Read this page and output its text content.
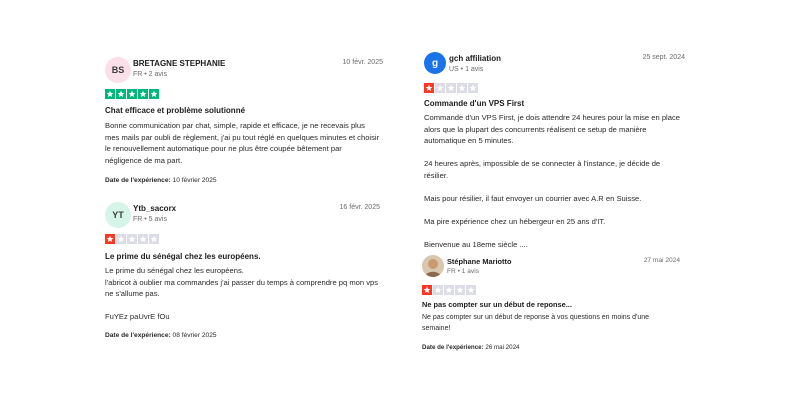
BS
BRETAGNE STEPHANIE
FR • 2 avis
10 févr. 2025
Chat efficace et problème solutionné

Bonne communication par chat, simple, rapide et efficace, je ne recevais plus mes mails par oubli de règlement, j'ai pu tout réglé en quelques minutes et choisir le renouvellement automatique pour ne plus être coupée bêtement par négligence de ma part.

Date de l'expérience: 10 février 2025
YT
Ytb_sacorx
FR • 5 avis
16 févr. 2025
Le prime du sénégal chez les européens.

Le prime du sénégal chez les européens.
l'abricot à oublier ma commandes j'ai passer du temps à comprendre pq mon vps ne s'allume pas.

FuYEz paUvrE fOu

Date de l'expérience: 08 février 2025
g	gch affiliation
US • 1 avis
25 sept. 2024
Commande d'un VPS First

Commande d'un VPS First, je dois attendre 24 heures pour la mise en place alors que la plupart des concurrents réalisent ce setup de manière automatique en 5 minutes.

24 heures après, impossible de se connecter à l'instance, je décide de résilier.

Mais pour résilier, il faut envoyer un courrier avec A.R en Suisse.

Ma pire expérience chez un hébergeur en 25 ans d'IT.

Bienvenue au 18eme siècle ....

Stéphane Mariotto
FR • 1 avis
27 mai 2024
Ne pas compter sur un début de reponse...

Ne pas compter sur un début de reponse à vos questions en moins d'une semaine!

Date de l'expérience: 26 mai 2024
